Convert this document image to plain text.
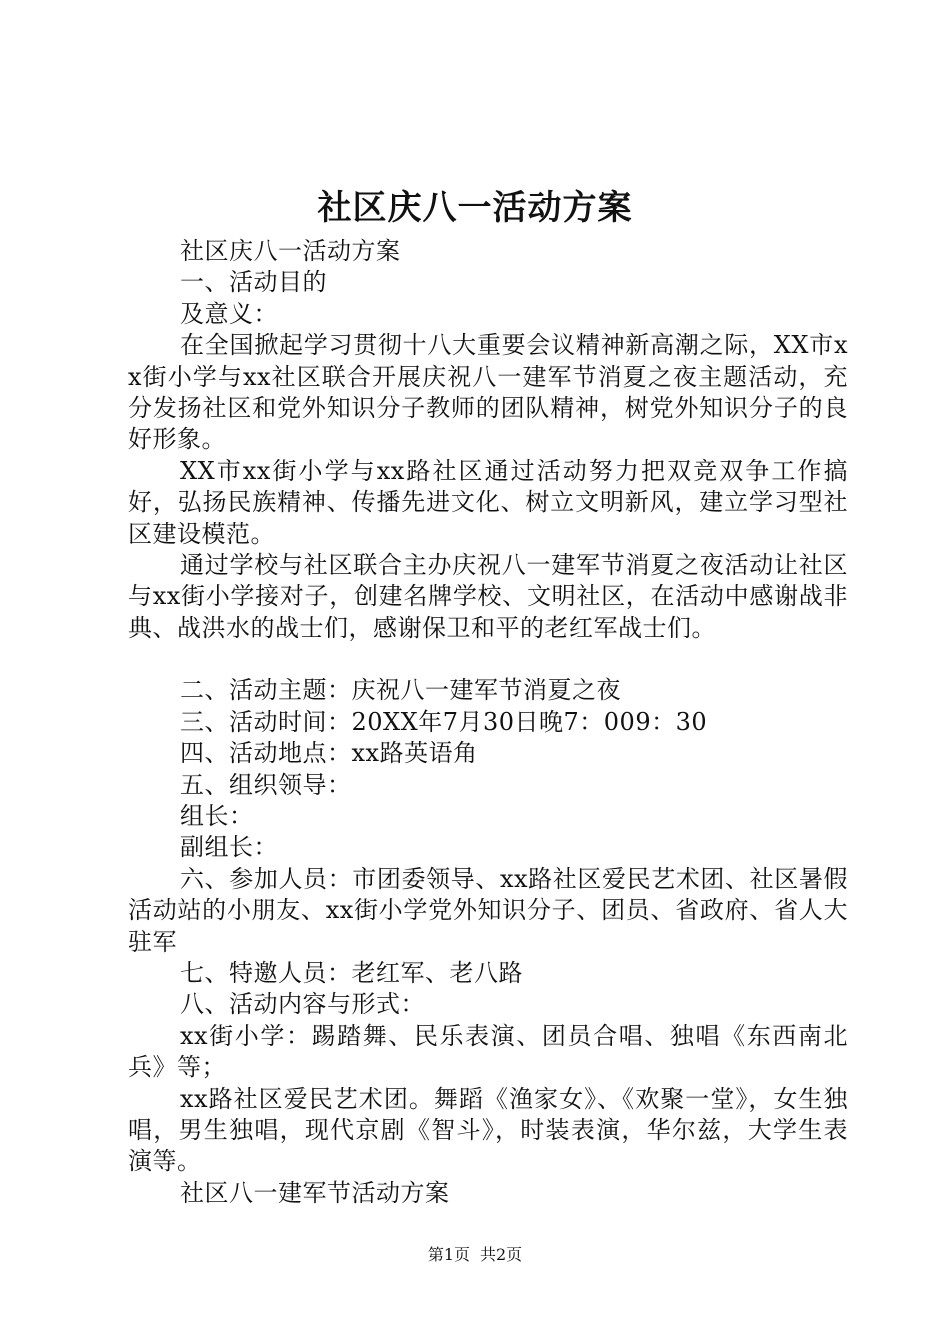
社区庆八一活动方案

社区庆八一活动方案

一、活动目的

及意义：

在全国掀起学习贯彻十八大重要会议精神新高潮之际，XX市xx街小学与xx社区联合开展庆祝八一建军节消夏之夜主题活动，充分发扬社区和党外知识分子教师的团队精神，树党外知识分子的良好形象。

XX市xx街小学与xx路社区通过活动努力把双竞双争工作搞好，弘扬民族精神、传播先进文化、树立文明新风，建立学习型社区建设模范。

通过学校与社区联合主办庆祝八一建军节消夏之夜活动让社区与xx街小学接对子，创建名牌学校、文明社区，在活动中感谢战非典、战洪水的战士们，感谢保卫和平的老红军战士们。

二、活动主题：庆祝八一建军节消夏之夜

三、活动时间：20XX年7月30日晚7：009：30

四、活动地点：xx路英语角

五、组织领导：

组长：

副组长：

六、参加人员：市团委领导、xx路社区爱民艺术团、社区暑假活动站的小朋友、xx街小学党外知识分子、团员、省政府、省人大驻军

七、特邀人员：老红军、老八路

八、活动内容与形式：

xx街小学：踢踏舞、民乐表演、团员合唱、独唱《东西南北兵》等；

xx路社区爱民艺术团。舞蹈《渔家女》、《欢聚一堂》，女生独唱，男生独唱，现代京剧《智斗》，时装表演，华尔兹，大学生表演等。

社区八一建军节活动方案

第1页 共2页
